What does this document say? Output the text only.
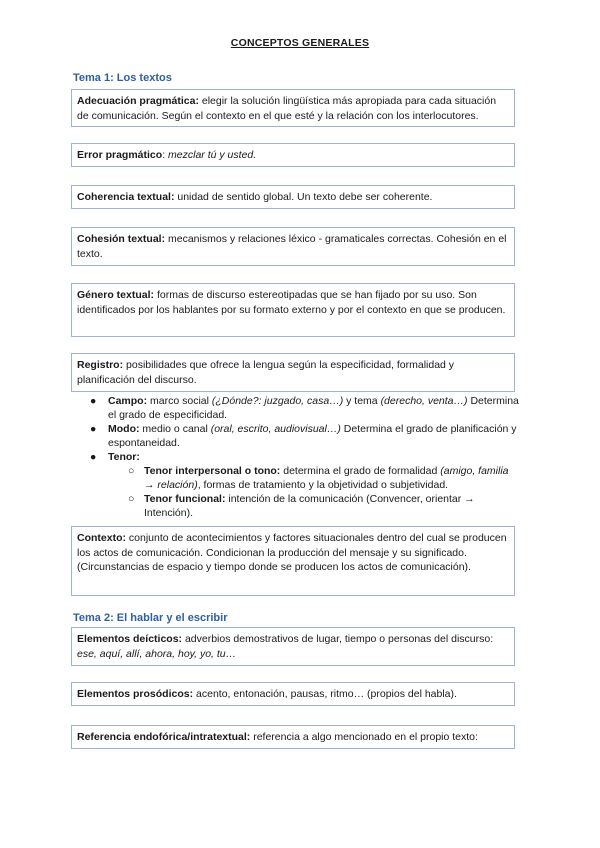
CONCEPTOS GENERALES
Tema 1: Los textos
Adecuación pragmática: elegir la solución lingüística más apropiada para cada situación de comunicación. Según el contexto en el que esté y la relación con los interlocutores.
Error pragmático: mezclar tú y usted.
Coherencia textual: unidad de sentido global. Un texto debe ser coherente.
Cohesión textual: mecanismos y relaciones léxico - gramaticales correctas. Cohesión en el texto.
Género textual: formas de discurso estereotipadas que se han fijado por su uso. Son identificados por los hablantes por su formato externo y por el contexto en que se producen.
Registro: posibilidades que ofrece la lengua según la especificidad, formalidad y planificación del discurso.
● Campo: marco social (¿Dónde?: juzgado, casa…) y tema (derecho, venta…) Determina el grado de especificidad.
● Modo: medio o canal (oral, escrito, audiovisual…) Determina el grado de planificación y espontaneidad.
● Tenor:
○ Tenor interpersonal o tono: determina el grado de formalidad (amigo, familia → relación), formas de tratamiento y la objetividad o subjetividad.
○ Tenor funcional: intención de la comunicación (Convencer, orientar → Intención).
Contexto: conjunto de acontecimientos y factores situacionales dentro del cual se producen los actos de comunicación. Condicionan la producción del mensaje y su significado. (Circunstancias de espacio y tiempo donde se producen los actos de comunicación).
Tema 2: El hablar y el escribir
Elementos deícticos: adverbios demostrativos de lugar, tiempo o personas del discurso:
ese, aquí, allí, ahora, hoy, yo, tu…
Elementos prosódicos: acento, entonación, pausas, ritmo… (propios del habla).
Referencia endofórica/intratextual: referencia a algo mencionado en el propio texto:
